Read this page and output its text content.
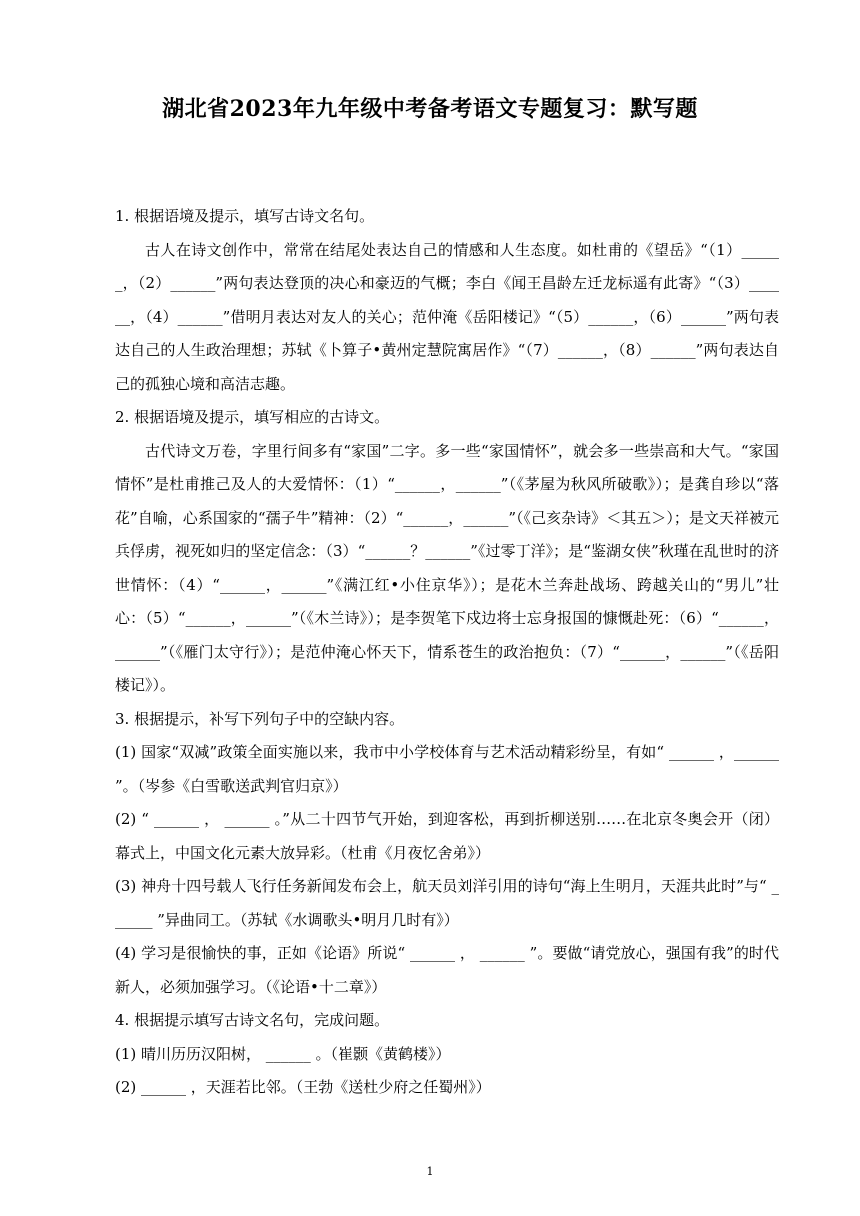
湖北省2023年九年级中考备考语文专题复习：默写题

1. 根据语境及提示，填写古诗文名句。

古人在诗文创作中，常常在结尾处表达自己的情感和人生态度。如杜甫的《望岳》“（1）______，（2）______”两句表达登顶的决心和豪迈的气概；李白《闻王昌龄左迁龙标遥有此寄》“（3）______，（4）______”借明月表达对友人的关心；范仲淹《岳阳楼记》“（5）______，（6）______”两句表达自己的人生政治理想；苏轼《卜算子•黄州定慧院寓居作》“（7）______，（8）______”两句表达自己的孤独心境和高洁志趣。

2. 根据语境及提示，填写相应的古诗文。

古代诗文万卷，字里行间多有“家国”二字。多一些“家国情怀”，就会多一些崇高和大气。“家国情怀”是杜甫推己及人的大爱情怀：（1）“______，______”（《茅屋为秋风所破歌》）；是龚自珍以“落花”自喻，心系国家的“孺子牛”精神：（2）“______，______”（《己亥杂诗》＜其五＞）；是文天祥被元兵俘虏，视死如归的坚定信念：（3）“______？______”《过零丁洋》；是“鉴湖女侠”秋瑾在乱世时的济世情怀：（4）“______，______”《满江红•小住京华》）；是花木兰奔赴战场、跨越关山的“男儿”壮心：（5）“______，______”（《木兰诗》）；是李贺笔下戍边将士忘身报国的慷慨赴死：（6）“______，______”（《雁门太守行》）；是范仲淹心怀天下，情系苍生的政治抱负：（7）“______，______”（《岳阳楼记》）。

3. 根据提示，补写下列句子中的空缺内容。

(1) 国家“双减”政策全面实施以来，我市中小学校体育与艺术活动精彩纷呈，有如“ ______ ，______ ”。（岑参《白雪歌送武判官归京》）

(2) “ ______ ， ______ 。”从二十四节气开始，到迎客松，再到折柳送别……在北京冬奥会开（闭）幕式上，中国文化元素大放异彩。（杜甫《月夜忆舍弟》）

(3) 神舟十四号载人飞行任务新闻发布会上，航天员刘洋引用的诗句“海上生明月，天涯共此时”与“ ______ ”异曲同工。（苏轼《水调歌头•明月几时有》）

(4) 学习是很愉快的事，正如《论语》所说“ ______ ， ______ ”。要做“请党放心，强国有我”的时代新人，必须加强学习。（《论语•十二章》）

4. 根据提示填写古诗文名句，完成问题。

(1) 晴川历历汉阳树， ______ 。（崔颢《黄鹤楼》）

(2) ______ ，天涯若比邻。（王勃《送杜少府之任蜀州》）

1
